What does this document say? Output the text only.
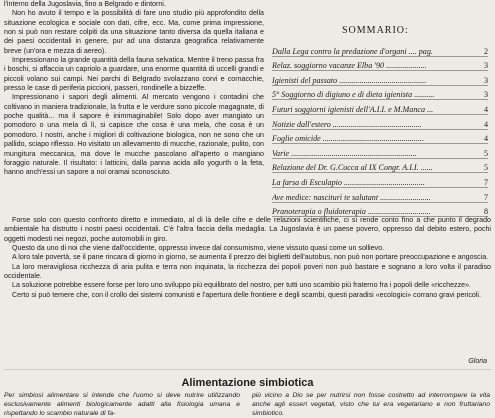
l'interno della Jugoslavia, fino a Belgrado e dintorni.

Non ho avuto il tempo e la possibilità di fare uno studio più approfondito della situazione ecologica e sociale con dati, cifre, ecc. Ma, come prima impressione, non si può non restare colpiti da una situazione tanto diversa da quella italiana e dei paesi occidentali in genere, pur ad una distanza geografica relativamente breve (un'ora e mezza di aereo).

Impressionano la grande quantità della fauna selvatica. Mentre il treno passa fra i boschi, si affaccia un capriolo a guardare, una enorme quantità di uccelli grandi e piccoli volano sui campi. Nei parchi di Belgrado svolazzano corvi e cornacchie, presso le case di periferia piccioni, passeri, rondinelle a bizzeffe.

Impressionano i sapori degli alimenti. Al mercato vengono i contadini che coltivano in maniera tradizionale, la frutta e le verdure sono piccole magagnate, di poche qualità... ma il sapore è inimmaginabile! Solo dopo aver mangiato un pomodoro o una mela di lì, si capisce che cosa è una mela, che cosa è un pomodoro. I nostri, anche i migliori di coltivazione biologica, non ne sono che un pallido, sciapo riflesso. Ho visitato un allevamento di mucche, razionale, pulito, con mungitura meccanica, ma dove le mucche pascolano all'aperto o mangiano foraggio naturale. Il risultato: i latticini, dalla panna acida allo yogurth o la feta, hanno anch'essi un sapore a noi oramai sconosciuto.

SOMMARIO:
Dalla Lega contro la predazione d'organi .... pag.	2
Relaz. soggiorno vacanze Elba '90 ....................	3
Igienisti del passato ...........................................	3
5° Soggiorno di digiuno e di dieta igienista ..........	3
Futuri soggiorni igienisti dell'A.I.I. e M.Manca ...	4
Notizie dall'estero ............................................	4
Foglie omicide ..................................................	4
Varie ..............................................................	5
Relazione del Dr. G.Cocca al IX Congr. A.I.I. ......	5
La farsa di Esculapio ........................................	7
Ave medice: nasciturì te salutant .........................	7
Pranoterapia o fluidoterapia ...............................	8

Forse solo con questo confronto diretto e immediato, al di là delle cifre e delle relazioni scientifiche, ci si rende conto fino a che punto il degrado ambientale ha distrutto i nostri paesi occidentali. C'è l'altra faccia della medaglia. La Jugoslavia è un paese povero, oppresso dal debito estero, pochi oggetti modesti nei negozi, poche automobili in giro.

Questo da uno di noi che viene dall'occidente, oppresso invece dal consumismo, viene vissuto quasi come un sollievo.

A loro tale povertà, se il pane rincara di giorno in giorno, se aumenta il prezzo dei biglietti dell'autobus, non può non portare preoccupazione e angoscia.

La loro meravigliosa ricchezza di aria pulita e terra non inquinata, la ricchezza dei popoli poveri non può bastare e sognano a loro volta il paradiso occidentale.

La soluzione potrebbe essere forse per loro uno sviluppo più equilibrato del nostro, per tutti uno scambio più fraterno fra i popoli delle «ricchezze».

Certo si può temere che, con il crollo dei sistemi comunisti e l'apertura delle frontiere e degli scambi, questi paradisi «ecologici» corrano gravi pericoli.

Gloria
Alimentazione simbiotica

Per simbiosi alimentare si intende che l'uomo si deve nutrire utilizzando esclusivamente alimenti biologicamente adatti alla fisiologia umana e rispettando lo scambio naturale di fa-

più vicino a Dio se per nutrirsi non fosse costretto ad interrompere la vita anche agli esseri vegetali, visto che lui era vegetariano e non fruttariano simbiotico.
